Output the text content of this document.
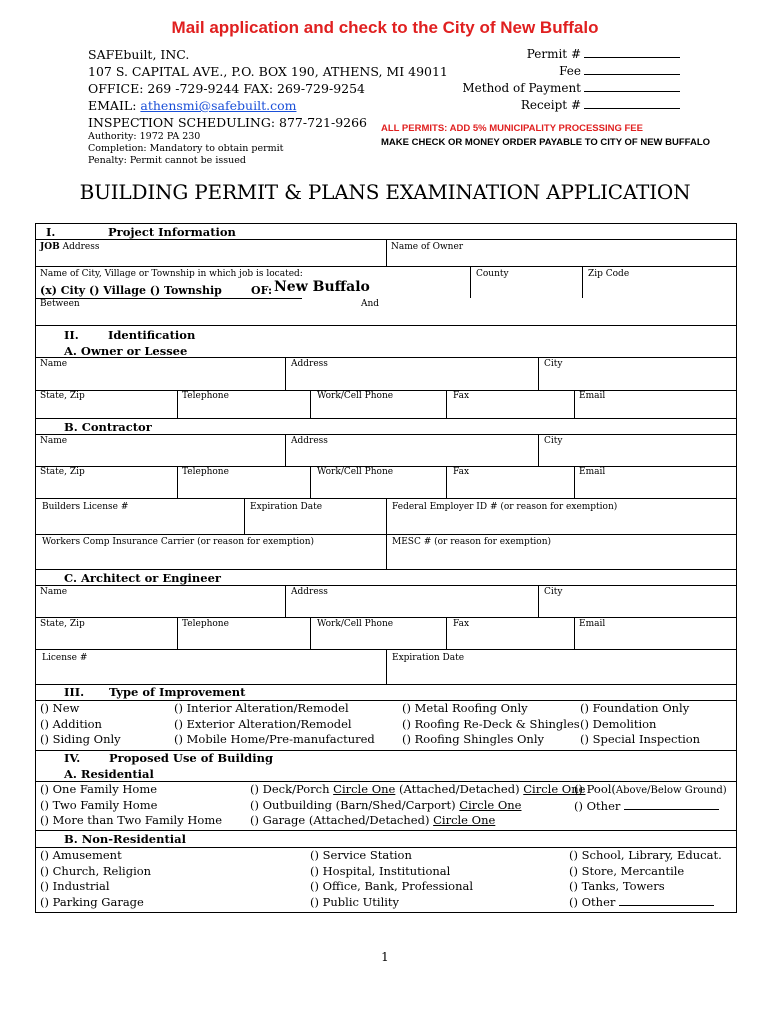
Mail application and check to the City of New Buffalo
SAFEbuilt, INC.
107 S. CAPITAL AVE., P.O. BOX 190, ATHENS, MI 49011
OFFICE: 269 -729-9244 FAX: 269-729-9254
EMAIL: athensmi@safebuilt.com
INSPECTION SCHEDULING: 877-721-9266
Authority: 1972 PA 230
Completion: Mandatory to obtain permit
Penalty: Permit cannot be issued
Permit #
Fee
Method of Payment
Receipt #
ALL PERMITS: ADD 5% MUNICIPALITY PROCESSING FEE
MAKE CHECK OR MONEY ORDER PAYABLE TO CITY OF NEW BUFFALO
BUILDING PERMIT & PLANS EXAMINATION APPLICATION
I.	Project Information
JOB Address	Name of Owner
Name of City, Village or Township in which job is located:	County	Zip Code
(x) City () Village () Township	OF: New Buffalo
Between	And
II.	Identification
A. Owner or Lessee
Name	Address	City
State, Zip	Telephone	Work/Cell Phone	Fax	Email
B. Contractor
Name	Address	City
State, Zip	Telephone	Work/Cell Phone	Fax	Email
Builders License #	Expiration Date	Federal Employer ID # (or reason for exemption)
Workers Comp Insurance Carrier (or reason for exemption)	MESC # (or reason for exemption)
C. Architect or Engineer
Name	Address	City
State, Zip	Telephone	Work/Cell Phone	Fax	Email
License #	Expiration Date
III. Type of Improvement
() New
() Addition
() Siding Only
() Interior Alteration/Remodel
() Exterior Alteration/Remodel
() Mobile Home/Pre-manufactured
() Metal Roofing Only
() Roofing Re-Deck & Shingles
() Roofing Shingles Only
() Foundation Only
() Demolition
() Special Inspection
IV. Proposed Use of Building
A. Residential
() One Family Home
() Two Family Home
() More than Two Family Home
() Deck/Porch Circle One (Attached/Detached) Circle One
() Outbuilding (Barn/Shed/Carport) Circle One
() Garage (Attached/Detached) Circle One
() Pool(Above/Below Ground)
() Other
B. Non-Residential
() Amusement
() Church, Religion
() Industrial
() Parking Garage
() Service Station
() Hospital, Institutional
() Office, Bank, Professional
() Public Utility
() School, Library, Educat.
() Store, Mercantile
() Tanks, Towers
() Other
1
